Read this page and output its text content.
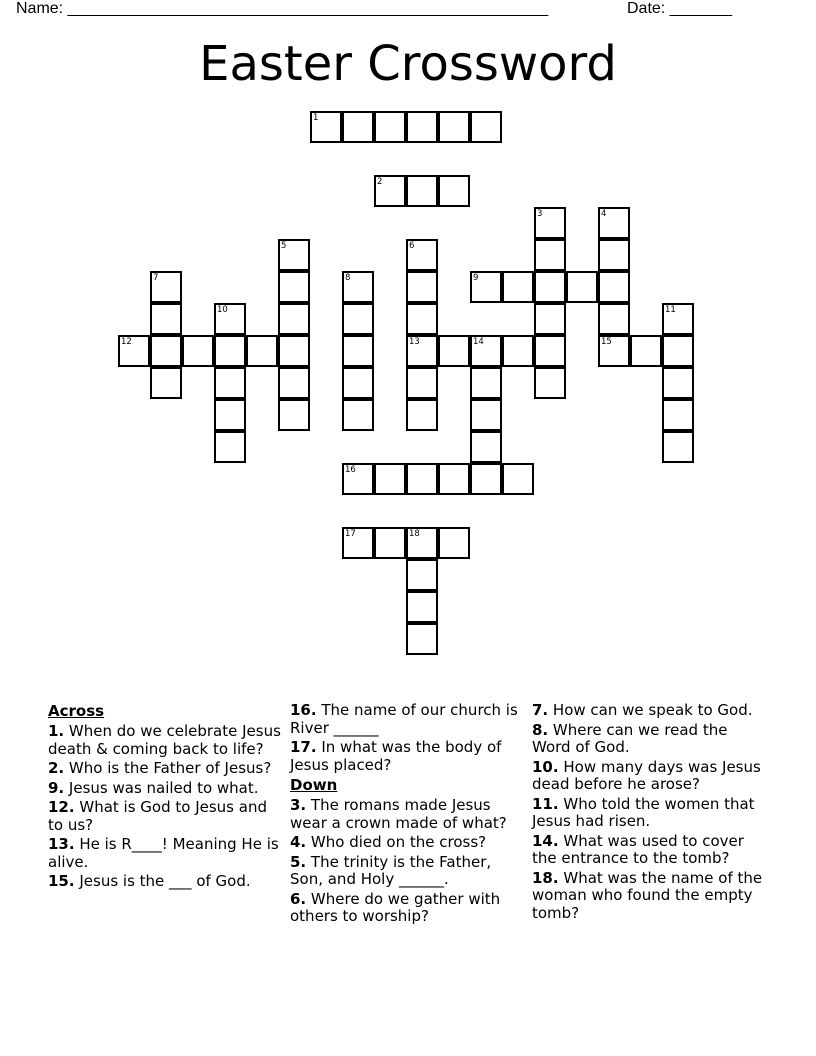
Name: ______________________________________________________	Date: _______
Easter Crossword
1
2
3	4
5	6
13
7	8	9
10	11
12	14	15
16
17	18
Across
1. When do we celebrate Jesus death & coming back to life?
2. Who is the Father of Jesus?
9. Jesus was nailed to what.
12. What is God to Jesus and to us?
13. He is R____! Meaning He is alive.
15. Jesus is the ___ of God.
16. The name of our church is River ______
17. In what was the body of Jesus placed?
Down
3. The romans made Jesus wear a crown made of what?
4. Who died on the cross?
5. The trinity is the Father, Son, and Holy ______.
6. Where do we gather with others to worship?
7. How can we speak to God.
8. Where can we read the Word of God.
10. How many days was Jesus dead before he arose?
11. Who told the women that Jesus had risen.
14. What was used to cover the entrance to the tomb?
18. What was the name of the woman who found the empty tomb?
